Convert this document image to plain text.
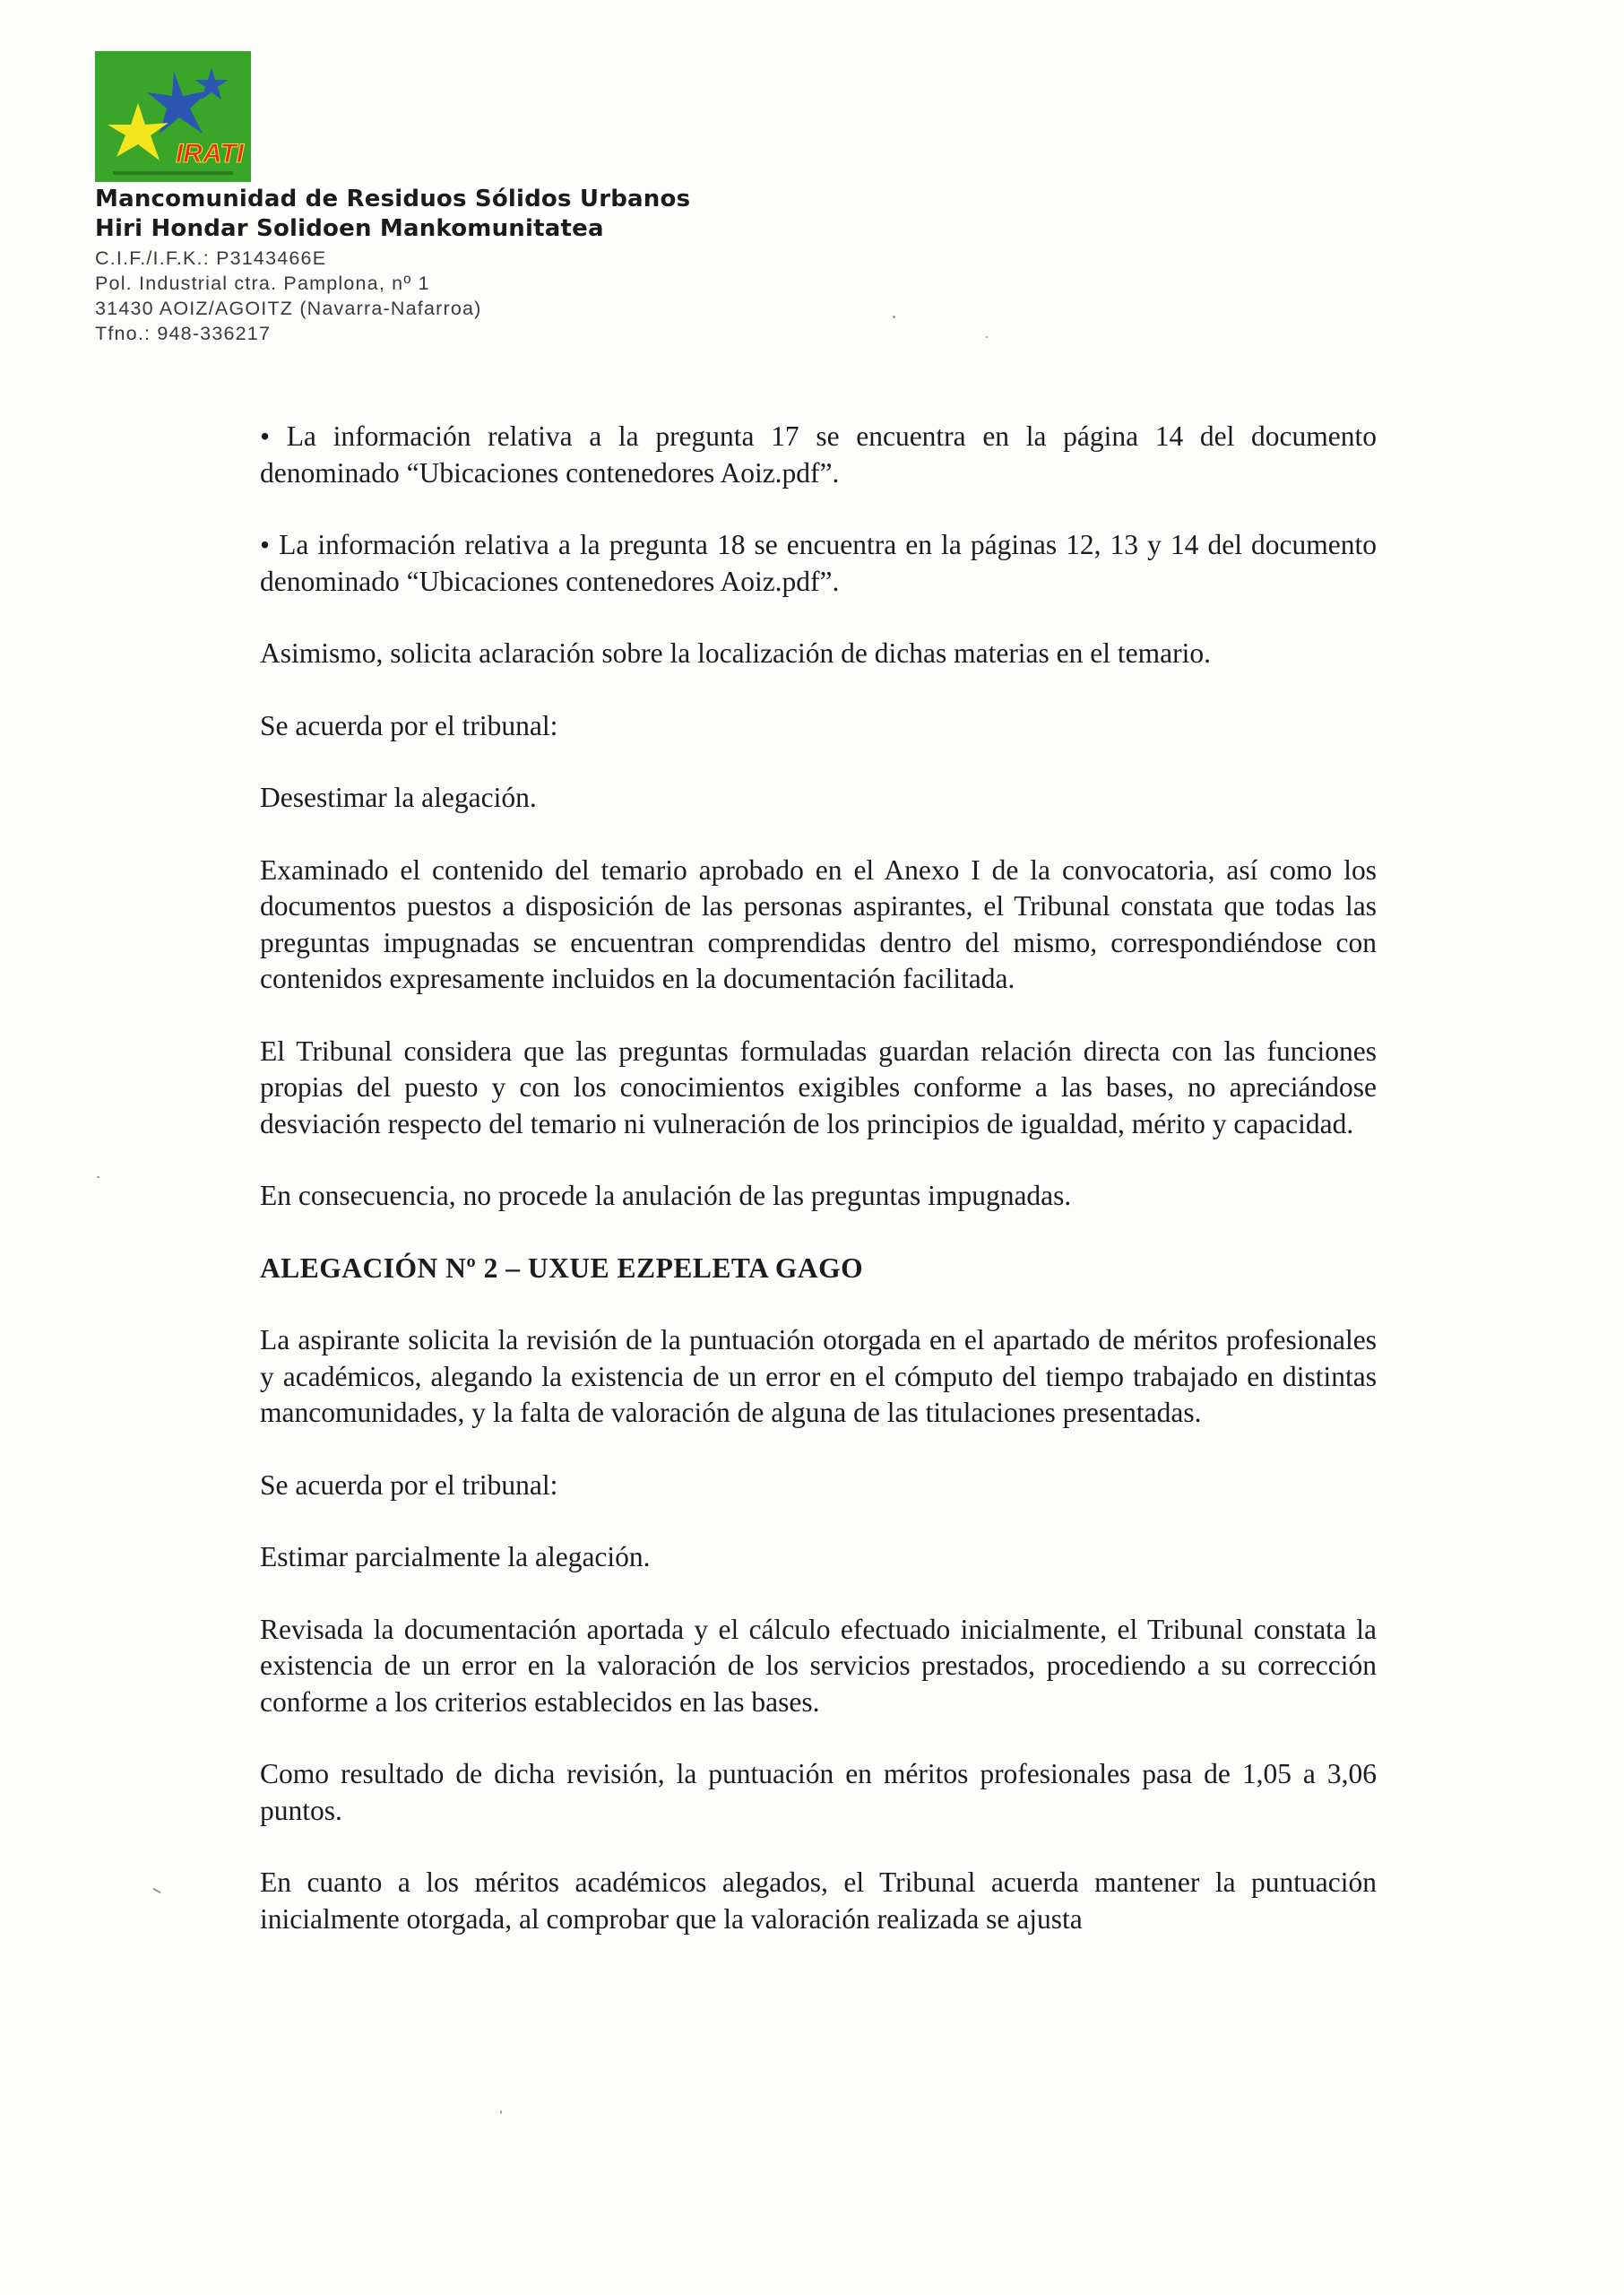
IRATI
Mancomunidad de Residuos Sólidos Urbanos
Hiri Hondar Solidoen Mankomunitatea
C.I.F./I.F.K.: P3143466E
Pol. Industrial ctra. Pamplona, nº 1
31430 AOIZ/AGOITZ (Navarra-Nafarroa)
Tfno.: 948-336217

• La información relativa a la pregunta 17 se encuentra en la página 14 del documento denominado “Ubicaciones contenedores Aoiz.pdf”.

• La información relativa a la pregunta 18 se encuentra en la páginas 12, 13 y 14 del documento denominado “Ubicaciones contenedores Aoiz.pdf”.

Asimismo, solicita aclaración sobre la localización de dichas materias en el temario.

Se acuerda por el tribunal:

Desestimar la alegación.

Examinado el contenido del temario aprobado en el Anexo I de la convocatoria, así como los documentos puestos a disposición de las personas aspirantes, el Tribunal constata que todas las preguntas impugnadas se encuentran comprendidas dentro del mismo, correspondiéndose con contenidos expresamente incluidos en la documentación facilitada.

El Tribunal considera que las preguntas formuladas guardan relación directa con las funciones propias del puesto y con los conocimientos exigibles conforme a las bases, no apreciándose desviación respecto del temario ni vulneración de los principios de igualdad, mérito y capacidad.

En consecuencia, no procede la anulación de las preguntas impugnadas.

ALEGACIÓN Nº 2 – UXUE EZPELETA GAGO

La aspirante solicita la revisión de la puntuación otorgada en el apartado de méritos profesionales y académicos, alegando la existencia de un error en el cómputo del tiempo trabajado en distintas mancomunidades, y la falta de valoración de alguna de las titulaciones presentadas.

Se acuerda por el tribunal:

Estimar parcialmente la alegación.

Revisada la documentación aportada y el cálculo efectuado inicialmente, el Tribunal constata la existencia de un error en la valoración de los servicios prestados, procediendo a su corrección conforme a los criterios establecidos en las bases.

Como resultado de dicha revisión, la puntuación en méritos profesionales pasa de 1,05 a 3,06 puntos.

En cuanto a los méritos académicos alegados, el Tribunal acuerda mantener la puntuación inicialmente otorgada, al comprobar que la valoración realizada se ajusta
